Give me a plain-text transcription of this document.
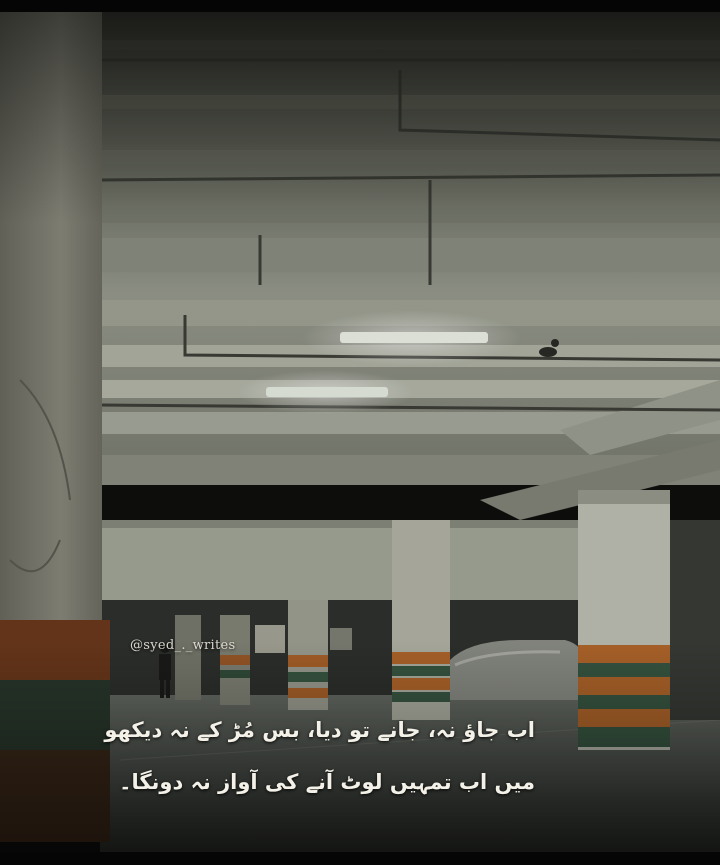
@syed_._writes
اب جاؤ نہ، جانے تو دیا، بس مُڑ کے نہ دیکھو
میں اب تمہیں لوٹ آنے کی آواز نہ دونگا۔
